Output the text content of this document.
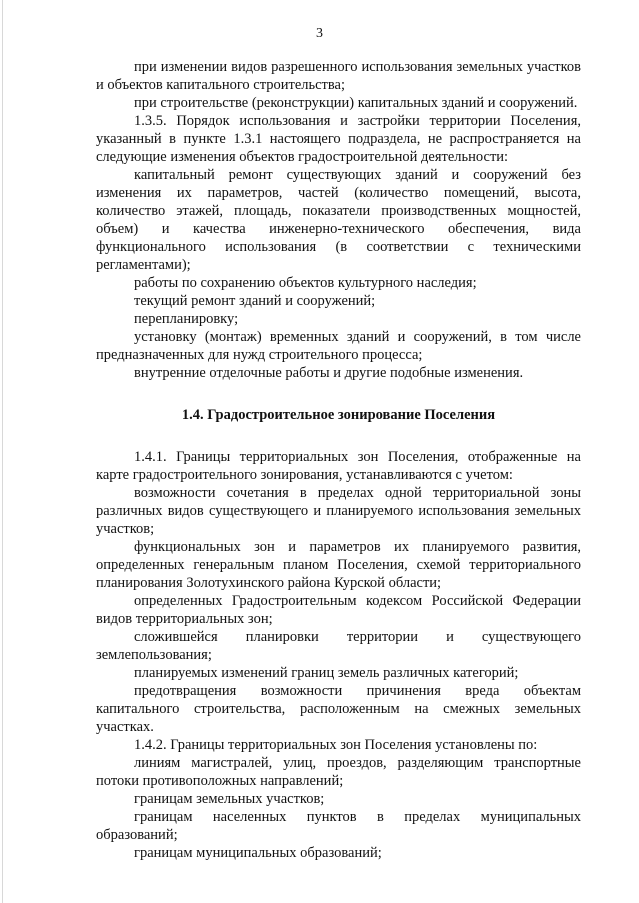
3

при изменении видов разрешенного использования земельных участков и объектов капитального строительства;

при строительстве (реконструкции) капитальных зданий и сооружений.

1.3.5. Порядок использования и застройки территории Поселения, указанный в пункте 1.3.1 настоящего подраздела, не распространяется на следующие изменения объектов градостроительной деятельности:

капитальный ремонт существующих зданий и сооружений без изменения их параметров, частей (количество помещений, высота, количество этажей, площадь, показатели производственных мощностей, объем) и качества инженерно-технического обеспечения, вида функционального использования (в соответствии с техническими регламентами);

работы по сохранению объектов культурного наследия;

текущий ремонт зданий и сооружений;

перепланировку;

установку (монтаж) временных зданий и сооружений, в том числе предназначенных для нужд строительного процесса;

внутренние отделочные работы и другие подобные изменения.

1.4. Градостроительное зонирование Поселения

1.4.1. Границы территориальных зон Поселения, отображенные на карте градостроительного зонирования, устанавливаются с учетом:

возможности сочетания в пределах одной территориальной зоны различных видов существующего и планируемого использования земельных участков;

функциональных зон и параметров их планируемого развития, определенных генеральным планом Поселения, схемой территориального планирования Золотухинского района Курской области;

определенных Градостроительным кодексом Российской Федерации видов территориальных зон;

сложившейся планировки территории и существующего землепользования;

планируемых изменений границ земель различных категорий;

предотвращения возможности причинения вреда объектам капитального строительства, расположенным на смежных земельных участках.

1.4.2. Границы территориальных зон Поселения установлены по:

линиям магистралей, улиц, проездов, разделяющим транспортные потоки противоположных направлений;

границам земельных участков;

границам населенных пунктов в пределах муниципальных образований;

границам муниципальных образований;
